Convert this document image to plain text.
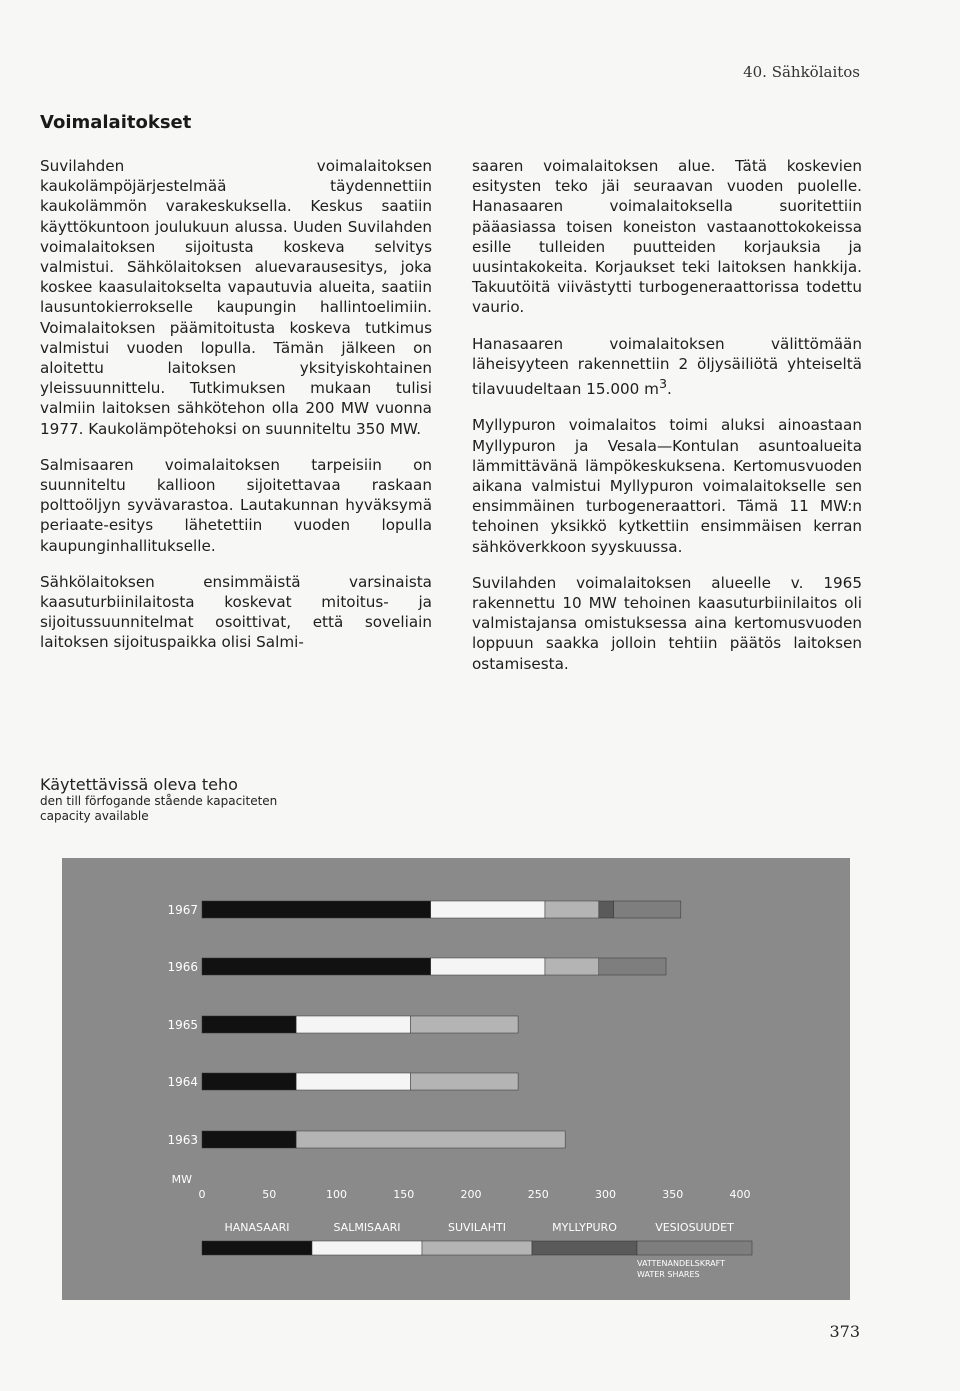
40. Sähkölaitos
Voimalaitokset

Suvilahden voimalaitoksen kaukolämpöjärjestelmää täydennettiin kaukolämmön varakeskuksella. Keskus saatiin käyttökuntoon joulukuun alussa. Uuden Suvilahden voimalaitoksen sijoitusta koskeva selvitys valmistui. Sähkölaitoksen aluevarausesitys, joka koskee kaasulaitokselta vapautuvia alueita, saatiin lausuntokierrokselle kaupungin hallintoelimiin. Voimalaitoksen päämitoitusta koskeva tutkimus valmistui vuoden lopulla. Tämän jälkeen on aloitettu laitoksen yksityiskohtainen yleissuunnittelu. Tutkimuksen mukaan tulisi valmiin laitoksen sähkötehon olla 200 MW vuonna 1977. Kaukolämpötehoksi on suunniteltu 350 MW.

Salmisaaren voimalaitoksen tarpeisiin on suunniteltu kallioon sijoitettavaa raskaan polttoöljyn syvävarastoa. Lautakunnan hyväksymä periaate-esitys lähetettiin vuoden lopulla kaupunginhallitukselle.

Sähkölaitoksen ensimmäistä varsinaista kaasuturbiinilaitosta koskevat mitoitus- ja sijoitussuunnitelmat osoittivat, että soveliain laitoksen sijoituspaikka olisi Salmi-

saaren voimalaitoksen alue. Tätä koskevien esitysten teko jäi seuraavan vuoden puolelle. Hanasaaren voimalaitoksella suoritettiin pääasiassa toisen koneiston vastaanottokokeissa esille tulleiden puutteiden korjauksia ja uusintakokeita. Korjaukset teki laitoksen hankkija. Takuutöitä viivästytti turbogeneraattorissa todettu vaurio.

Hanasaaren voimalaitoksen välittömään läheisyyteen rakennettiin 2 öljysäiliötä yhteiseltä tilavuudeltaan 15.000 $m^3$.

Myllypuron voimalaitos toimi aluksi ainoastaan Myllypuron ja Vesala—Kontulan asuntoalueita lämmittävänä lämpökeskuksena. Kertomusvuoden aikana valmistui Myllypuron voimalaitokselle sen ensimmäinen turbogeneraattori. Tämä 11 MW:n tehoinen yksikkö kytkettiin ensimmäisen kerran sähköverkkoon syyskuussa.

Suvilahden voimalaitoksen alueelle v. 1965 rakennettu 10 MW tehoinen kaasuturbiinilaitos oli valmistajansa omistuksessa aina kertomusvuoden loppuun saakka jolloin tehtiin päätös laitoksen ostamisesta.

Käytettävissä oleva teho

den till förfogande stående kapaciteten

capacity available

1967
1966
1965
1964
1963
MW
0	50	100	150	200	250	300	350	400
HANASAARI	SALMISAARI	SUVILAHTI	MYLLYPURO	VESIOSUUDET
VATTENANDELSKRAFT
WATER SHARES
373
